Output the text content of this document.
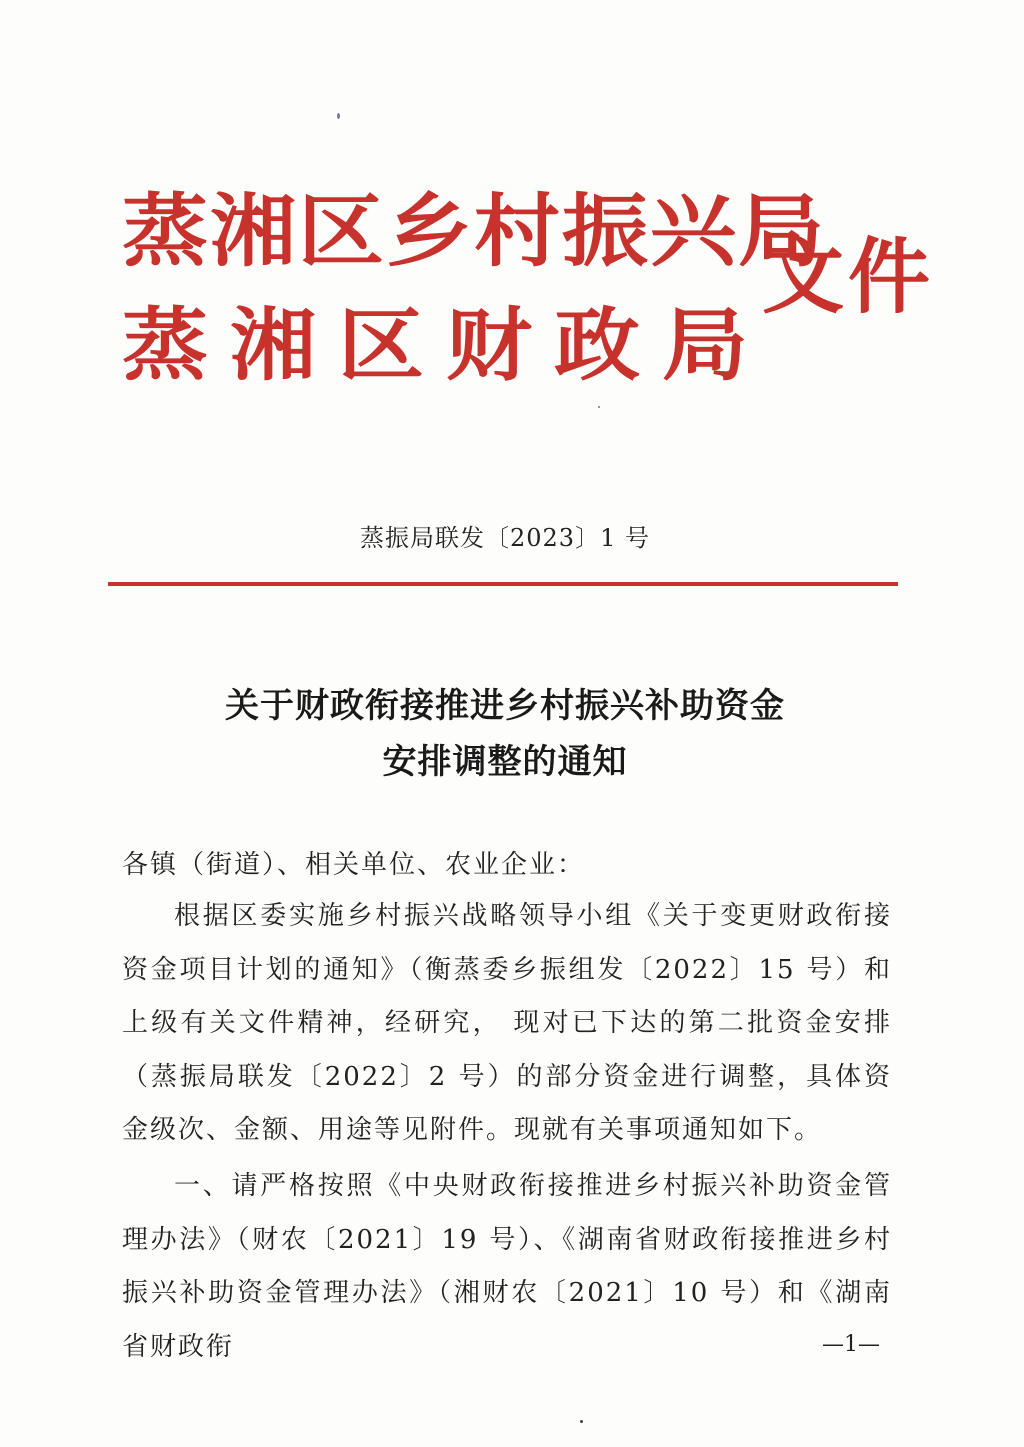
蒸湘区乡村振兴局
蒸湘区财政局
文件
蒸振局联发〔2023〕1 号
关于财政衔接推进乡村振兴补助资金
安排调整的通知
各镇（街道）、相关单位、农业企业：
根据区委实施乡村振兴战略领导小组《关于变更财政衔接资金项目计划的通知》（衡蒸委乡振组发〔2022〕15 号）和上级有关文件精神，经研究， 现对已下达的第二批资金安排（蒸振局联发〔2022〕2 号）的部分资金进行调整，具体资金级次、金额、用途等见附件。现就有关事项通知如下。
一、请严格按照《中央财政衔接推进乡村振兴补助资金管理办法》（财农〔2021〕19 号）、《湖南省财政衔接推进乡村振兴补助资金管理办法》（湘财农〔2021〕10 号）和《湖南省财政衔	—1—
